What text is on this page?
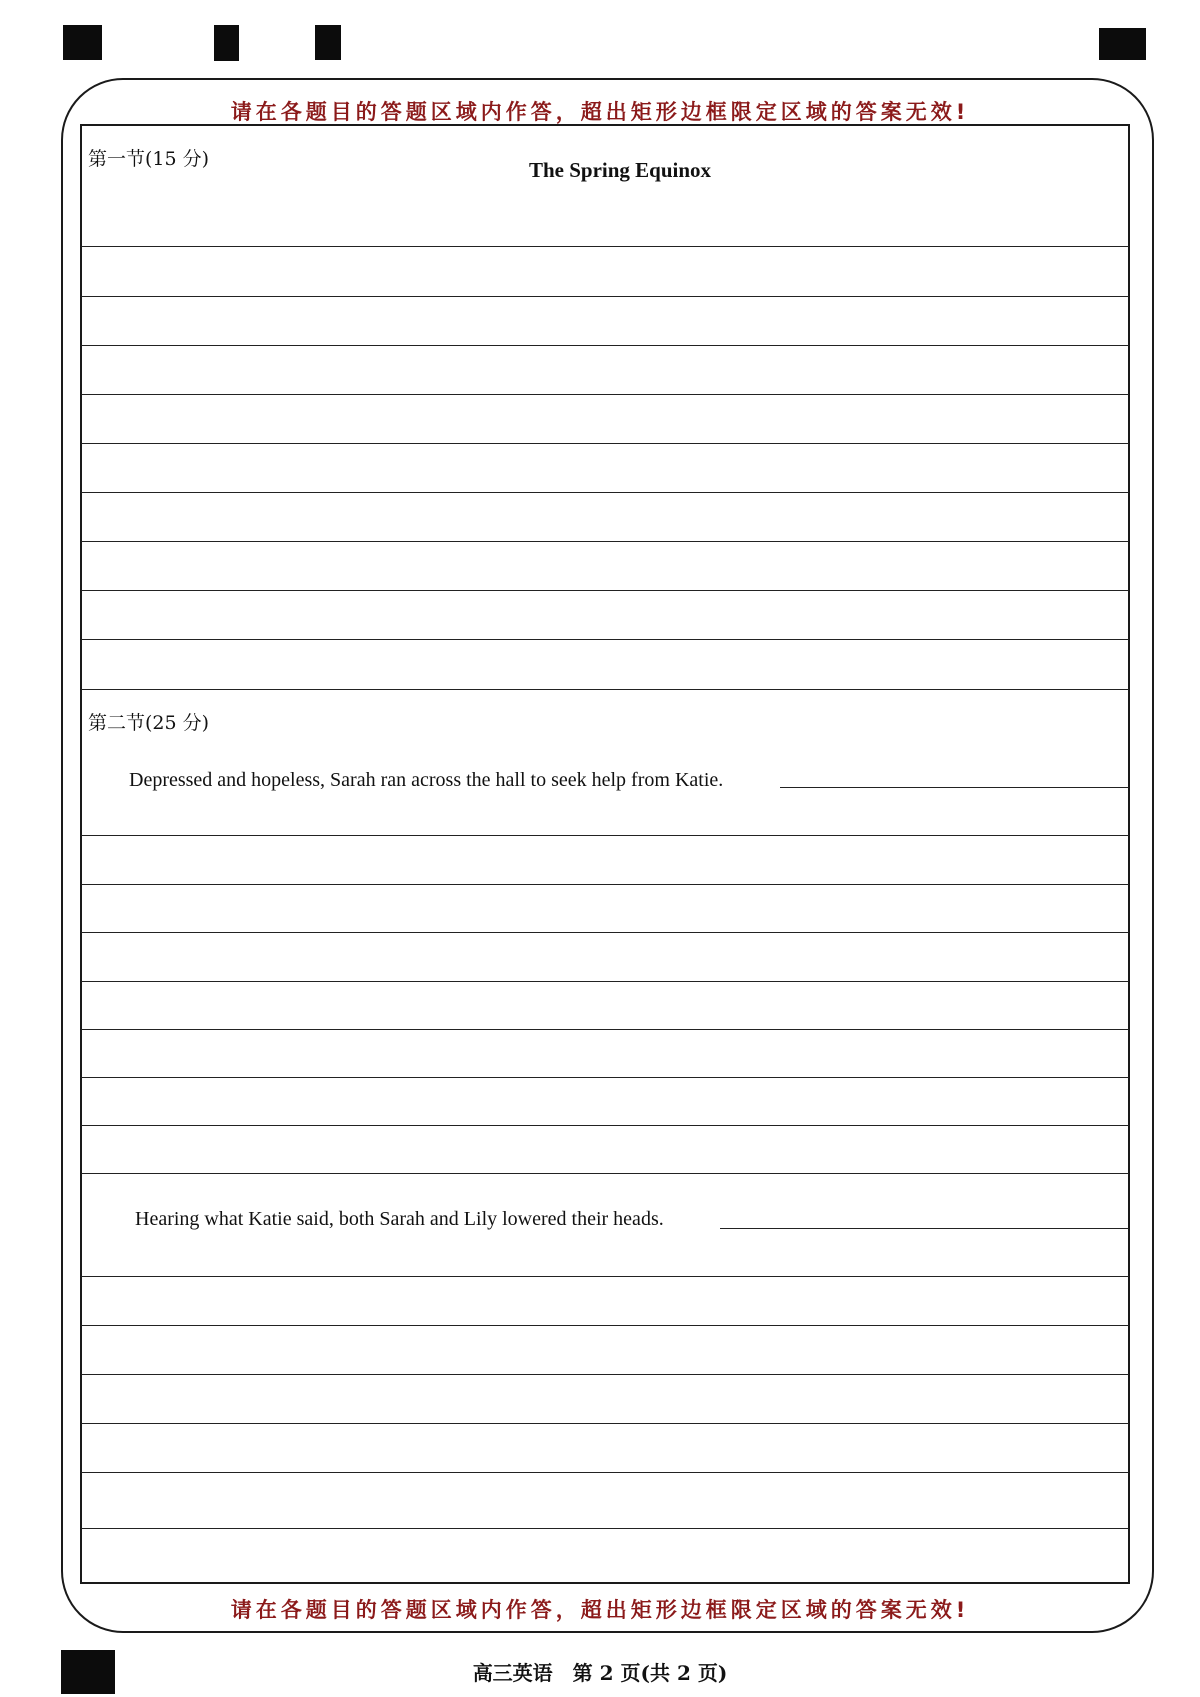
请在各题目的答题区域内作答，超出矩形边框限定区域的答案无效!
第一节(15 分)	The Spring Equinox
第二节(25 分)
Depressed and hopeless, Sarah ran across the hall to seek help from Katie.
Hearing what Katie said, both Sarah and Lily lowered their heads.
请在各题目的答题区域内作答，超出矩形边框限定区域的答案无效!
高三英语　第 2 页(共 2 页)
